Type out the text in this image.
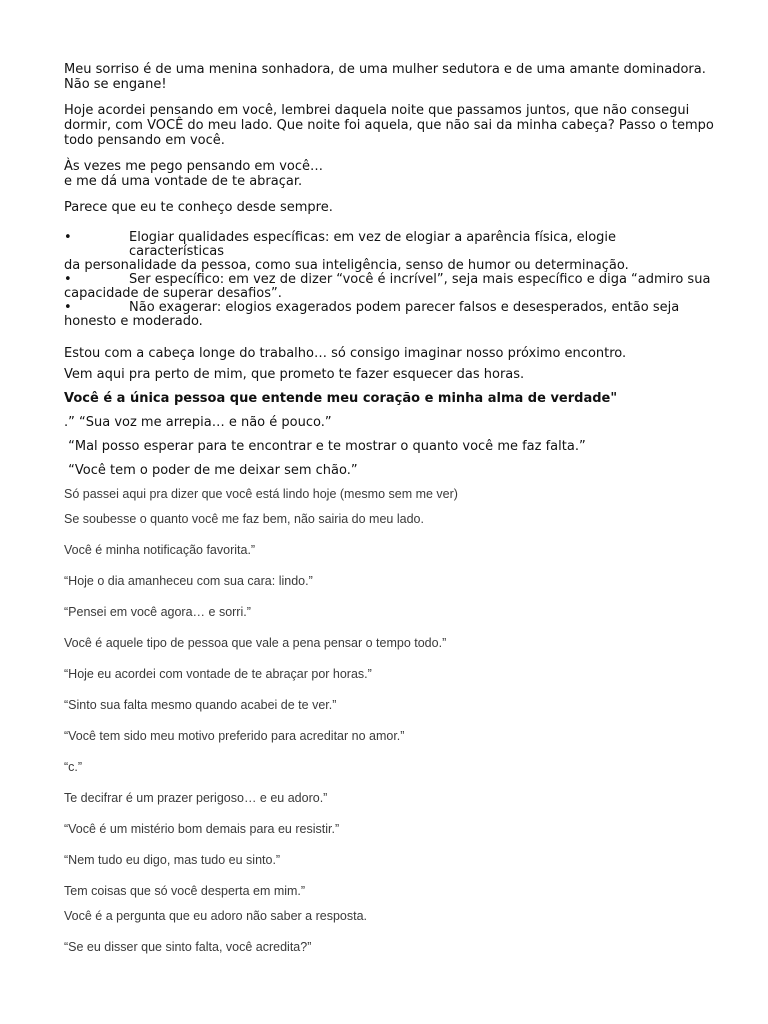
Meu sorriso é de uma menina sonhadora, de uma mulher sedutora e de uma amante dominadora. Não se engane!

Hoje acordei pensando em você, lembrei daquela noite que passamos juntos, que não consegui dormir, com VOCÊ do meu lado. Que noite foi aquela, que não sai da minha cabeça? Passo o tempo todo pensando em você.

Às vezes me pego pensando em você…

e me dá uma vontade de te abraçar.

Parece que eu te conheço desde sempre.

•	Elogiar qualidades específicas: em vez de elogiar a aparência física, elogie características
da personalidade da pessoa, como sua inteligência, senso de humor ou determinação.
•	Ser específico: em vez de dizer “você é incrível”, seja mais específico e diga “admiro sua
capacidade de superar desafios”.
•	Não exagerar: elogios exagerados podem parecer falsos e desesperados, então seja
honesto e moderado.

Estou com a cabeça longe do trabalho… só consigo imaginar nosso próximo encontro.

Vem aqui pra perto de mim, que prometo te fazer esquecer das horas.

Você é a única pessoa que entende meu coração e minha alma de verdade"

.” “Sua voz me arrepia… e não é pouco.”

“Mal posso esperar para te encontrar e te mostrar o quanto você me faz falta.”

“Você tem o poder de me deixar sem chão.”

Só passei aqui pra dizer que você está lindo hoje (mesmo sem me ver)

Se soubesse o quanto você me faz bem, não sairia do meu lado.

Você é minha notificação favorita.”

“Hoje o dia amanheceu com sua cara: lindo.”

“Pensei em você agora… e sorri.”

Você é aquele tipo de pessoa que vale a pena pensar o tempo todo.”

“Hoje eu acordei com vontade de te abraçar por horas.”

“Sinto sua falta mesmo quando acabei de te ver.”

“Você tem sido meu motivo preferido para acreditar no amor.”

“c.”

Te decifrar é um prazer perigoso… e eu adoro.”

“Você é um mistério bom demais para eu resistir.”

“Nem tudo eu digo, mas tudo eu sinto.”

Tem coisas que só você desperta em mim.”

Você é a pergunta que eu adoro não saber a resposta.

“Se eu disser que sinto falta, você acredita?”
